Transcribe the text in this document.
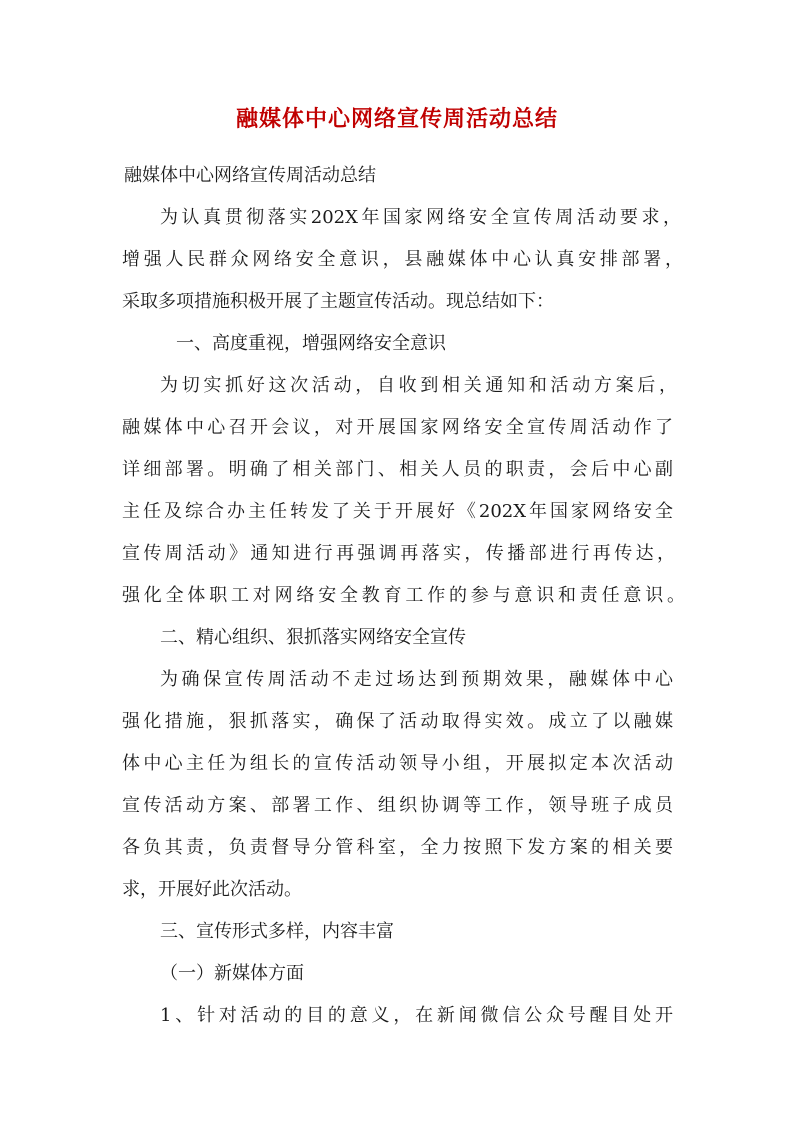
融媒体中心网络宣传周活动总结
融媒体中心网络宣传周活动总结
为认真贯彻落实202X年国家网络安全宣传周活动要求，
增强人民群众网络安全意识，县融媒体中心认真安排部署，
采取多项措施积极开展了主题宣传活动。现总结如下：
一、高度重视，增强网络安全意识
为切实抓好这次活动，自收到相关通知和活动方案后，
融媒体中心召开会议，对开展国家网络安全宣传周活动作了
详细部署。明确了相关部门、相关人员的职责，会后中心副
主任及综合办主任转发了关于开展好《202X年国家网络安全
宣传周活动》通知进行再强调再落实，传播部进行再传达，
强化全体职工对网络安全教育工作的参与意识和责任意识。
二、精心组织、狠抓落实网络安全宣传
为确保宣传周活动不走过场达到预期效果，融媒体中心
强化措施，狠抓落实，确保了活动取得实效。成立了以融媒
体中心主任为组长的宣传活动领导小组，开展拟定本次活动
宣传活动方案、部署工作、组织协调等工作，领导班子成员
各负其责，负责督导分管科室，全力按照下发方案的相关要
求，开展好此次活动。
三、宣传形式多样，内容丰富
（一）新媒体方面
1、针对活动的目的意义，在新闻微信公众号醒目处开
